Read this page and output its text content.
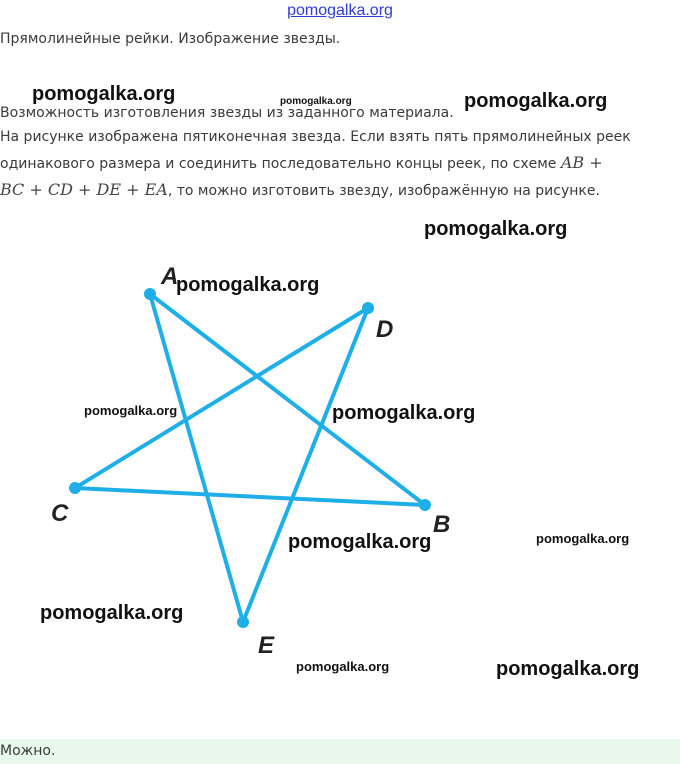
pomogalka.org
Прямолинейные рейки. Изображение звезды.
Возможность изготовления звезды из заданного материала.
На рисунке изображена пятиконечная звезда. Если взять пять прямолинейных реек
одинакового размера и соединить последовательно концы реек, по схеме AB +
BC + CD + DE + EA, то можно изготовить звезду, изображённую на рисунке.
A
D
C	B
E
pomogalka.org	pomogalka.org	pomogalka.org
pomogalka.org
pomogalka.org
pomogalka.org	pomogalka.org
pomogalka.org	pomogalka.org
pomogalka.org
pomogalka.org	pomogalka.org
Можно.
